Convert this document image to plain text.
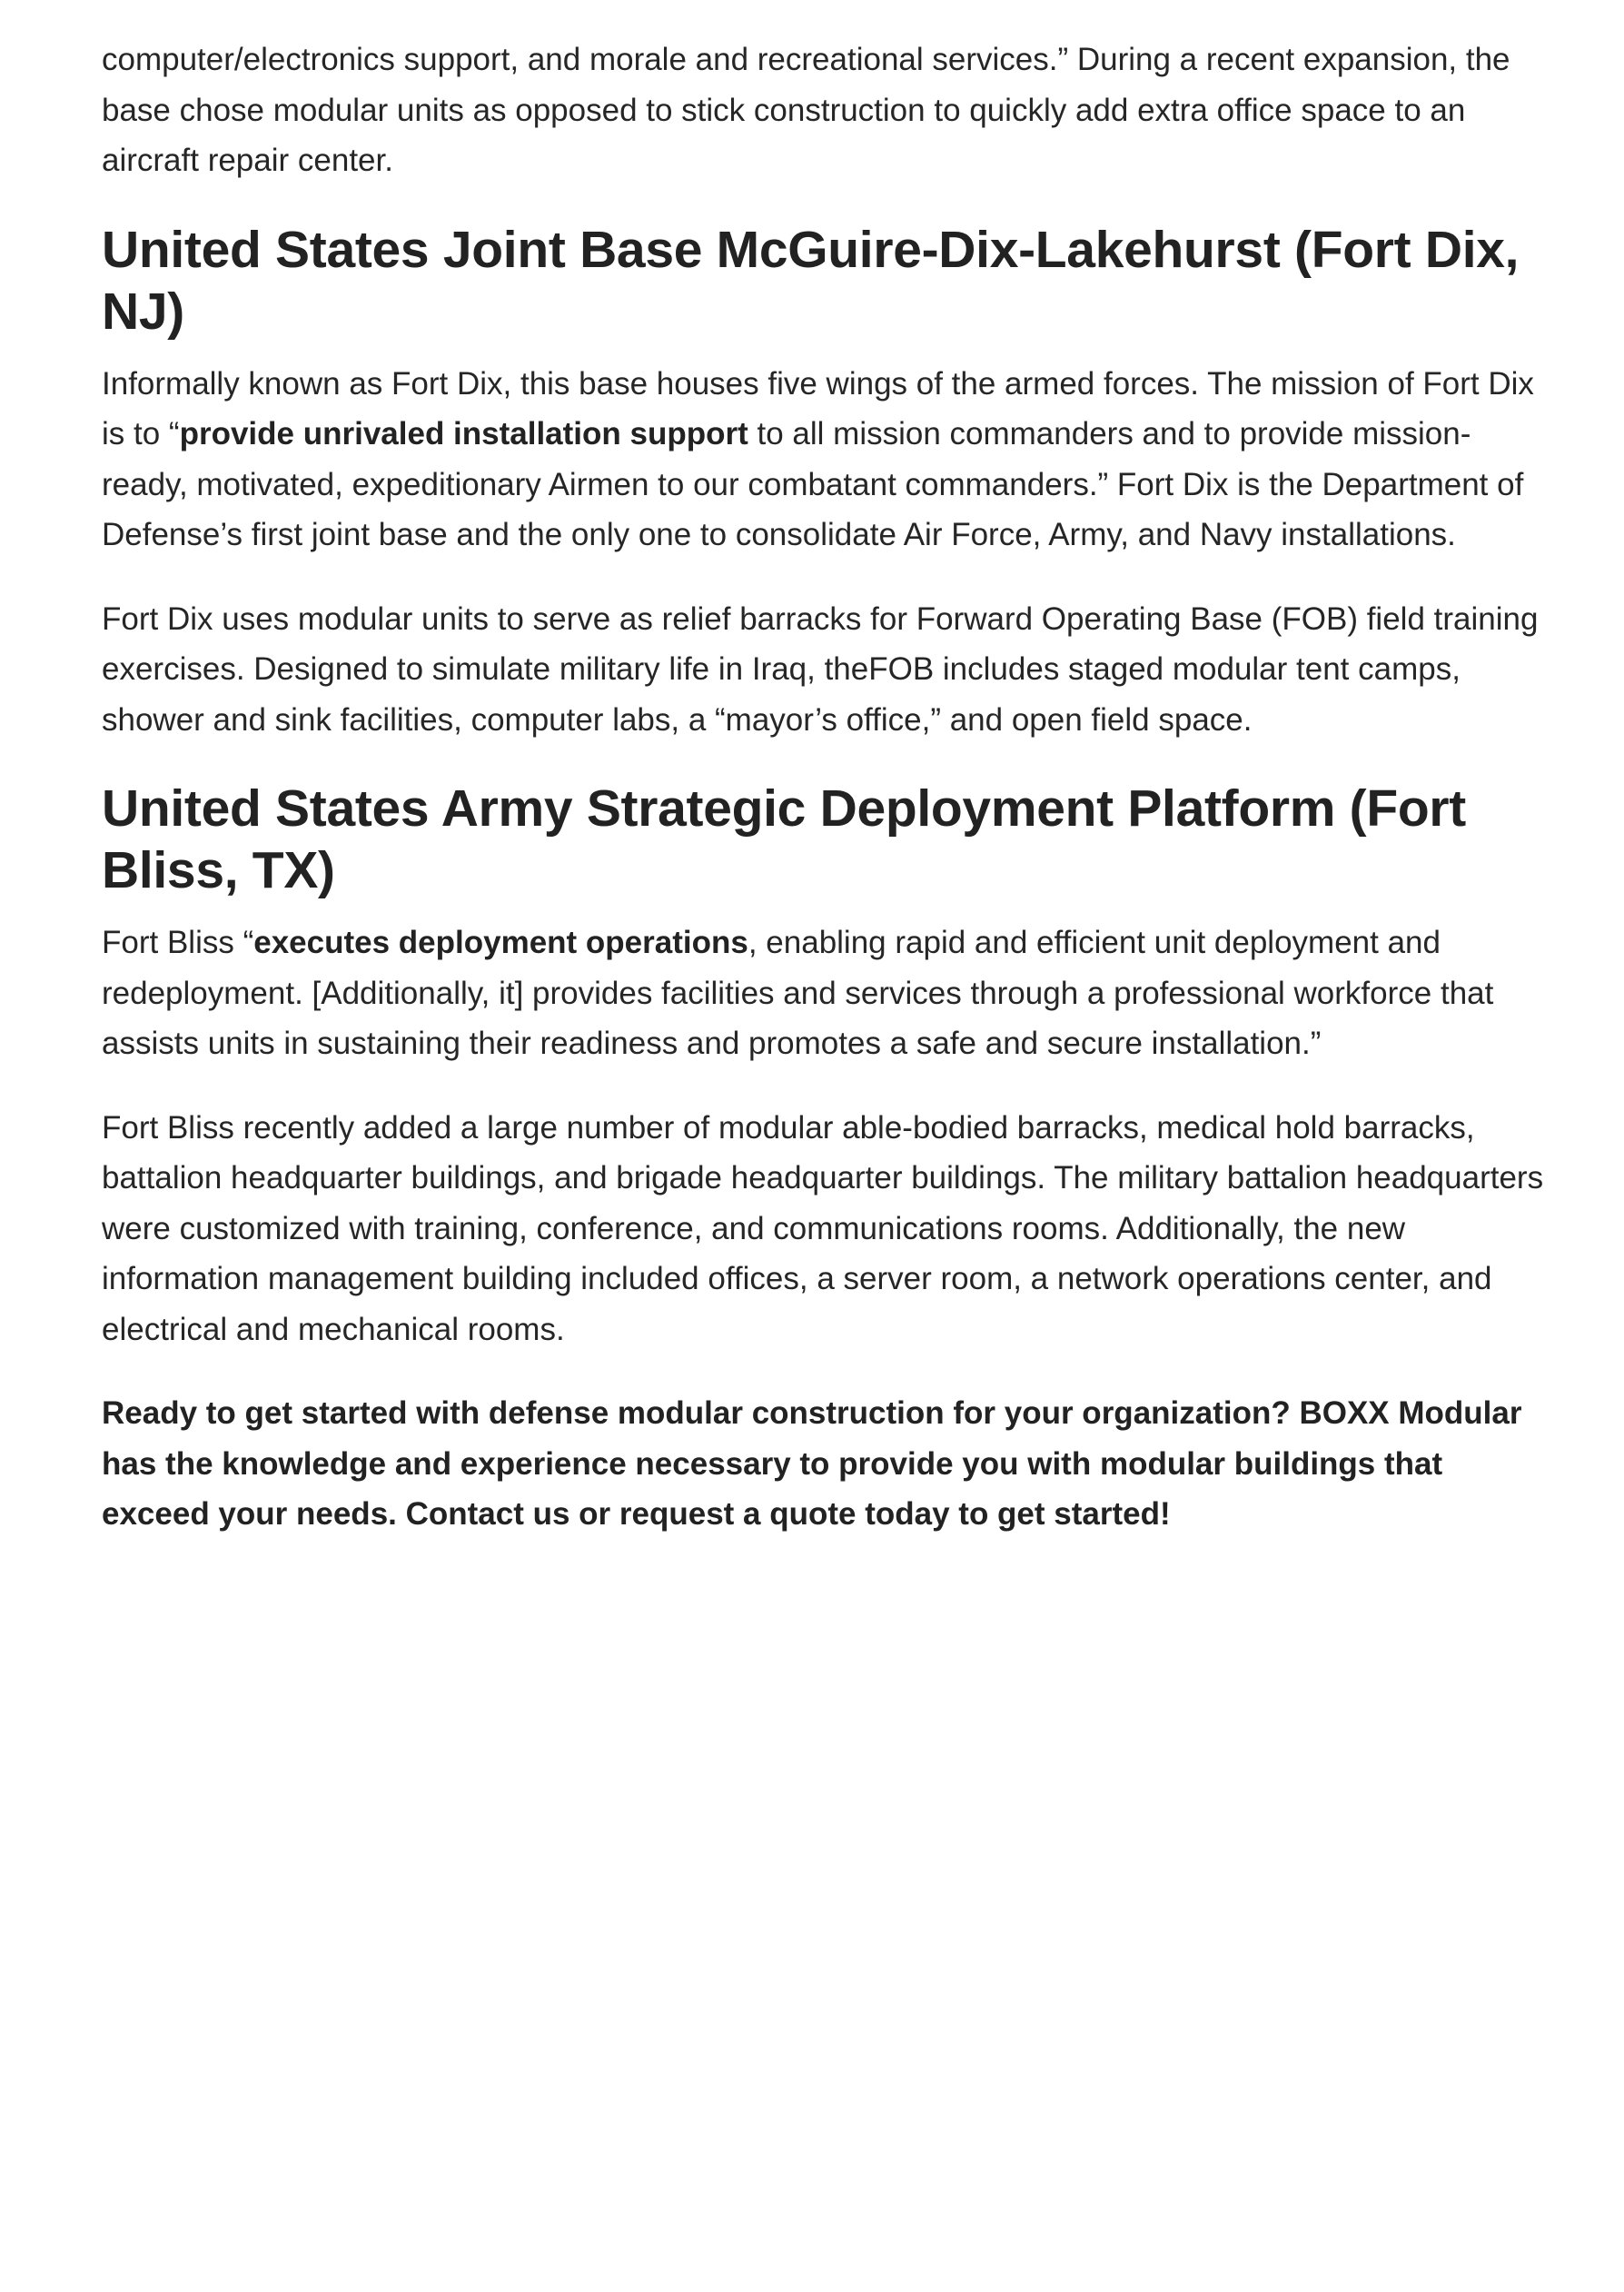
computer/electronics support, and morale and recreational services.” During a recent expansion, the base chose modular units as opposed to stick construction to quickly add extra office space to an aircraft repair center.

United States Joint Base McGuire-Dix-Lakehurst (Fort Dix, NJ)

Informally known as Fort Dix, this base houses five wings of the armed forces. The mission of Fort Dix is to “provide unrivaled installation support to all mission commanders and to provide mission-ready, motivated, expeditionary Airmen to our combatant commanders.” Fort Dix is the Department of Defense’s first joint base and the only one to consolidate Air Force, Army, and Navy installations.

Fort Dix uses modular units to serve as relief barracks for Forward Operating Base (FOB) field training exercises. Designed to simulate military life in Iraq, theFOB includes staged modular tent camps, shower and sink facilities, computer labs, a “mayor’s office,” and open field space.

United States Army Strategic Deployment Platform (Fort Bliss, TX)

Fort Bliss “executes deployment operations, enabling rapid and efficient unit deployment and redeployment. [Additionally, it] provides facilities and services through a professional workforce that assists units in sustaining their readiness and promotes a safe and secure installation.”

Fort Bliss recently added a large number of modular able-bodied barracks, medical hold barracks, battalion headquarter buildings, and brigade headquarter buildings. The military battalion headquarters were customized with training, conference, and communications rooms. Additionally, the new information management building included offices, a server room, a network operations center, and electrical and mechanical rooms.

Ready to get started with defense modular construction for your organization? BOXX Modular has the knowledge and experience necessary to provide you with modular buildings that exceed your needs. Contact us or request a quote today to get started!
